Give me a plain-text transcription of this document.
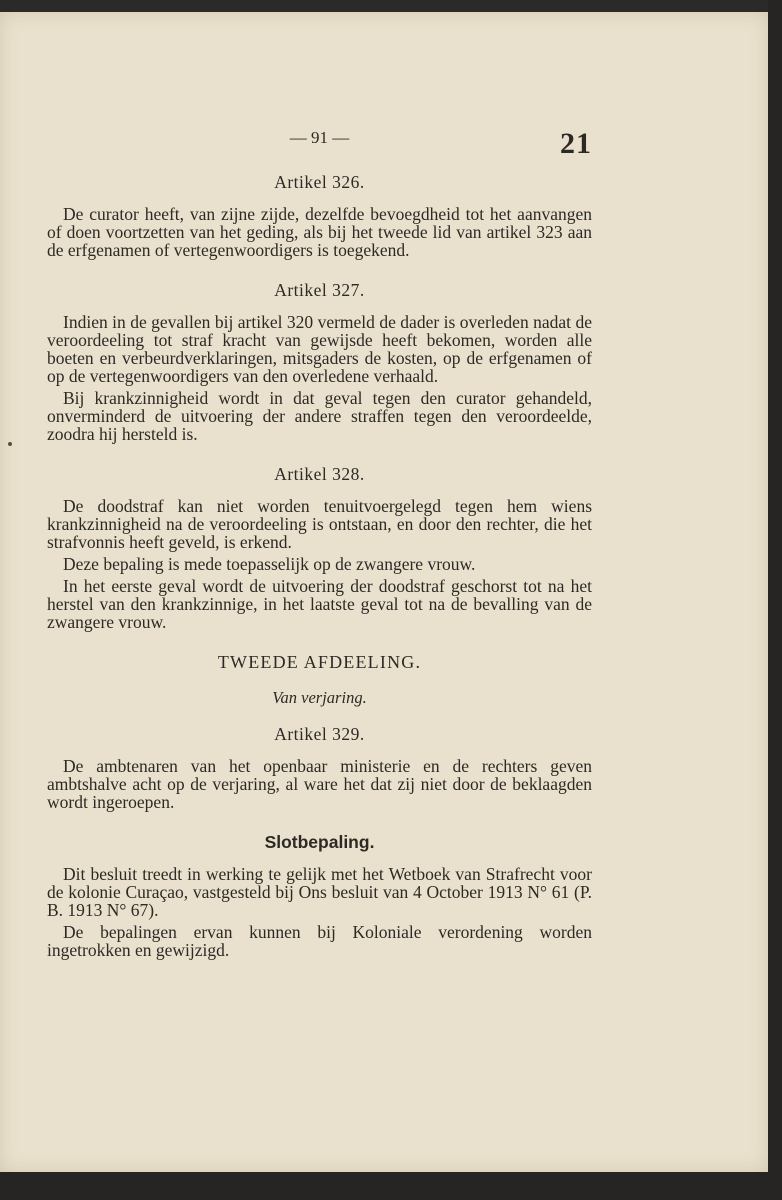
— 91 —	21
Artikel 326.

De curator heeft, van zijne zijde, dezelfde bevoegdheid tot het aanvangen of doen voortzetten van het geding, als bij het tweede lid van artikel 323 aan de erfgenamen of vertegenwoordigers is toegekend.

Artikel 327.

Indien in de gevallen bij artikel 320 vermeld de dader is overleden nadat de veroordeeling tot straf kracht van gewijsde heeft bekomen, worden alle boeten en verbeurdverklaringen, mitsgaders de kosten, op de erfgenamen of op de vertegenwoordigers van den overledene verhaald.

Bij krankzinnigheid wordt in dat geval tegen den curator gehandeld, onverminderd de uitvoering der andere straffen tegen den veroordeelde, zoodra hij hersteld is.

Artikel 328.

De doodstraf kan niet worden tenuitvoergelegd tegen hem wiens krankzinnigheid na de veroordeeling is ontstaan, en door den rechter, die het strafvonnis heeft geveld, is erkend.

Deze bepaling is mede toepasselijk op de zwangere vrouw.

In het eerste geval wordt de uitvoering der doodstraf geschorst tot na het herstel van den krankzinnige, in het laatste geval tot na de bevalling van de zwangere vrouw.

TWEEDE AFDEELING.
Van verjaring.
Artikel 329.

De ambtenaren van het openbaar ministerie en de rechters geven ambtshalve acht op de verjaring, al ware het dat zij niet door de beklaagden wordt ingeroepen.

Slotbepaling.

Dit besluit treedt in werking te gelijk met het Wetboek van Strafrecht voor de kolonie Curaçao, vastgesteld bij Ons besluit van 4 October 1913 N° 61 (P. B. 1913 N° 67).

De bepalingen ervan kunnen bij Koloniale verordening worden ingetrokken en gewijzigd.
